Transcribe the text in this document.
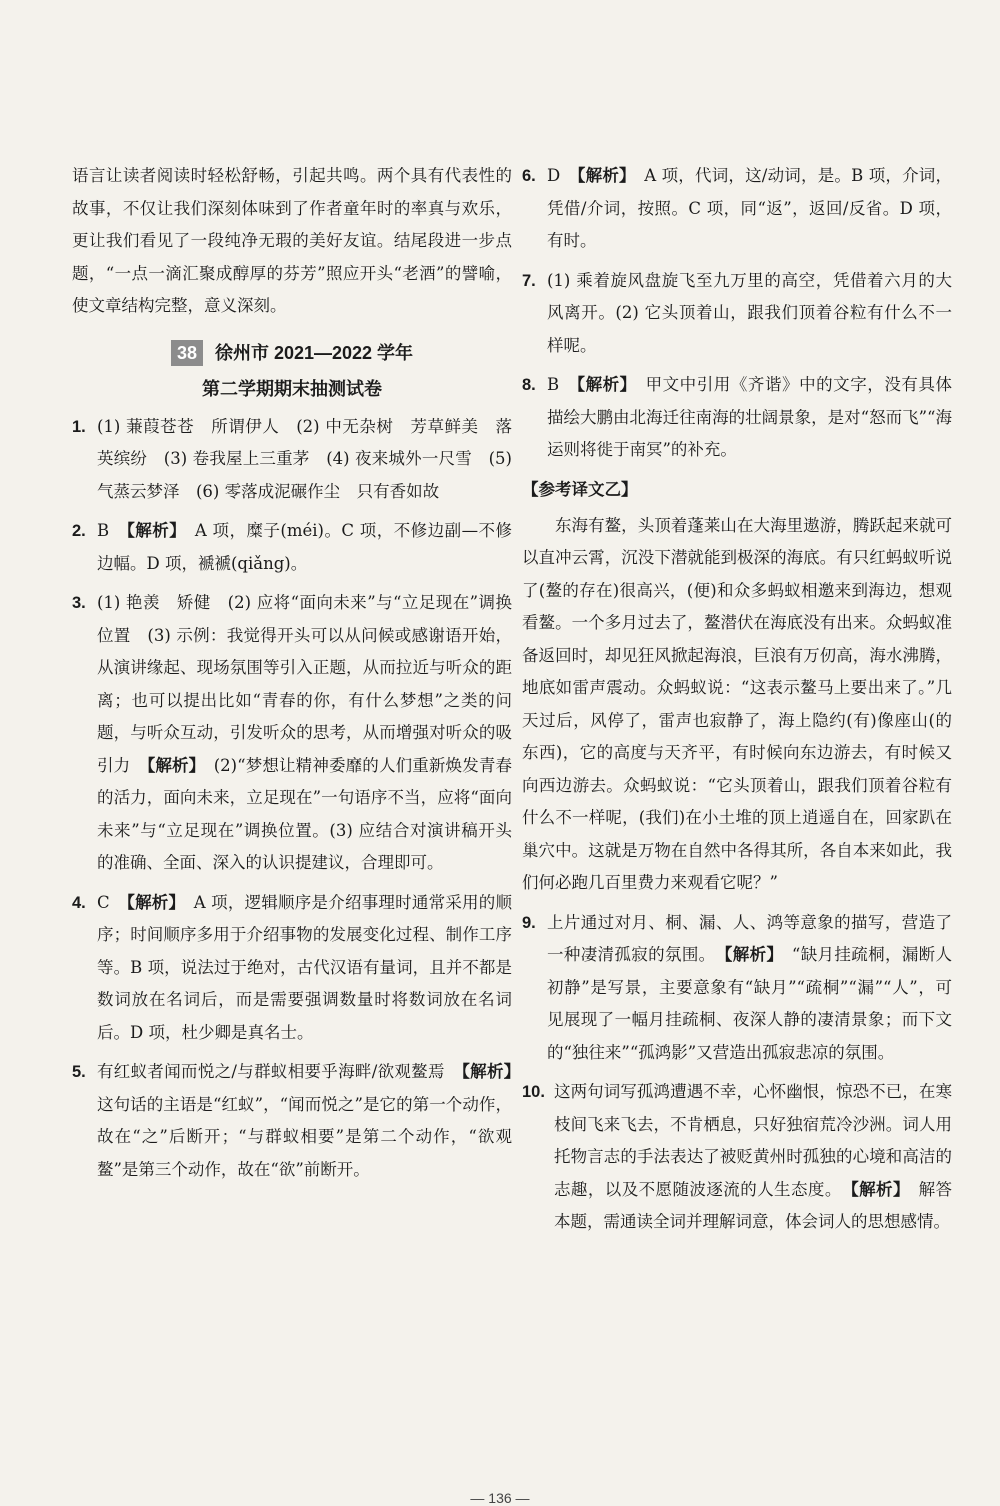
语言让读者阅读时轻松舒畅，引起共鸣。两个具有代表性的故事，不仅让我们深刻体味到了作者童年时的率真与欢乐，更让我们看见了一段纯净无瑕的美好友谊。结尾段进一步点题，“一点一滴汇聚成醇厚的芬芳”照应开头“老酒”的譬喻，使文章结构完整，意义深刻。

38 徐州市 2021—2022 学年
第二学期期末抽测试卷

1. (1) 蒹葭苍苍　所谓伊人　(2) 中无杂树　芳草鲜美　落英缤纷　(3) 卷我屋上三重茅　(4) 夜来城外一尺雪　(5) 气蒸云梦泽　(6) 零落成泥碾作尘　只有香如故

2. B　 【解析】　 A 项，糜子(méi)。C 项，不修边副—不修边幅。D 项，褫褫(qiǎng)。

3. (1) 艳羡　矫健　(2) 应将“面向未来”与“立足现在”调换位置　(3) 示例：我觉得开头可以从问候或感谢语开始，从演讲缘起、现场氛围等引入正题，从而拉近与听众的距离；也可以提出比如“青春的你，有什么梦想”之类的问题，与听众互动，引发听众的思考，从而增强对听众的吸引力　 【解析】　 (2)“梦想让精神委靡的人们重新焕发青春的活力，面向未来，立足现在”一句语序不当，应将“面向未来”与“立足现在”调换位置。(3) 应结合对演讲稿开头的准确、全面、深入的认识提建议，合理即可。

4. C　 【解析】　 A 项，逻辑顺序是介绍事理时通常采用的顺序；时间顺序多用于介绍事物的发展变化过程、制作工序等。B 项，说法过于绝对，古代汉语有量词，且并不都是数词放在名词后，而是需要强调数量时将数词放在名词后。D 项，杜少卿是真名士。

5. 有红蚁者闻而悦之/与群蚁相要乎海畔/欲观鳌焉　 【解析】　这句话的主语是“红蚁”，“闻而悦之”是它的第一个动作，故在“之”后断开；“与群蚁相要”是第二个动作，“欲观鳌”是第三个动作，故在“欲”前断开。

6. D　 【解析】　 A 项，代词，这/动词，是。B 项，介词，凭借/介词，按照。C 项，同“返”，返回/反省。D 项，有时。

7. (1) 乘着旋风盘旋飞至九万里的高空，凭借着六月的大风离开。(2) 它头顶着山，跟我们顶着谷粒有什么不一样呢。

8. B　 【解析】　 甲文中引用《齐谐》中的文字，没有具体描绘大鹏由北海迁往南海的壮阔景象，是对“怒而飞”“海运则将徙于南冥”的补充。

【参考译文乙】

东海有鳌，头顶着蓬莱山在大海里遨游，腾跃起来就可以直冲云霄，沉没下潜就能到极深的海底。有只红蚂蚁听说了(鳌的存在)很高兴，(便)和众多蚂蚁相邀来到海边，想观看鳌。一个多月过去了，鳌潜伏在海底没有出来。众蚂蚁准备返回时，却见狂风掀起海浪，巨浪有万仞高，海水沸腾，地底如雷声震动。众蚂蚁说：“这表示鳌马上要出来了。”几天过后，风停了，雷声也寂静了，海上隐约(有)像座山(的东西)，它的高度与天齐平，有时候向东边游去，有时候又向西边游去。众蚂蚁说：“它头顶着山，跟我们顶着谷粒有什么不一样呢，(我们)在小土堆的顶上逍遥自在，回家趴在巢穴中。这就是万物在自然中各得其所，各自本来如此，我们何必跑几百里费力来观看它呢？”

9. 上片通过对月、桐、漏、人、鸿等意象的描写，营造了一种凄清孤寂的氛围。　 【解析】　 “缺月挂疏桐，漏断人初静”是写景，主要意象有“缺月”“疏桐”“漏”“人”，可见展现了一幅月挂疏桐、夜深人静的凄清景象；而下文的“独往来”“孤鸿影”又营造出孤寂悲凉的氛围。

10. 这两句词写孤鸿遭遇不幸，心怀幽恨，惊恐不已，在寒枝间飞来飞去，不肯栖息，只好独宿荒冷沙洲。词人用托物言志的手法表达了被贬黄州时孤独的心境和高洁的志趣，以及不愿随波逐流的人生态度。　 【解析】　 解答本题，需通读全词并理解词意，体会词人的思想感情。

— 136 —
